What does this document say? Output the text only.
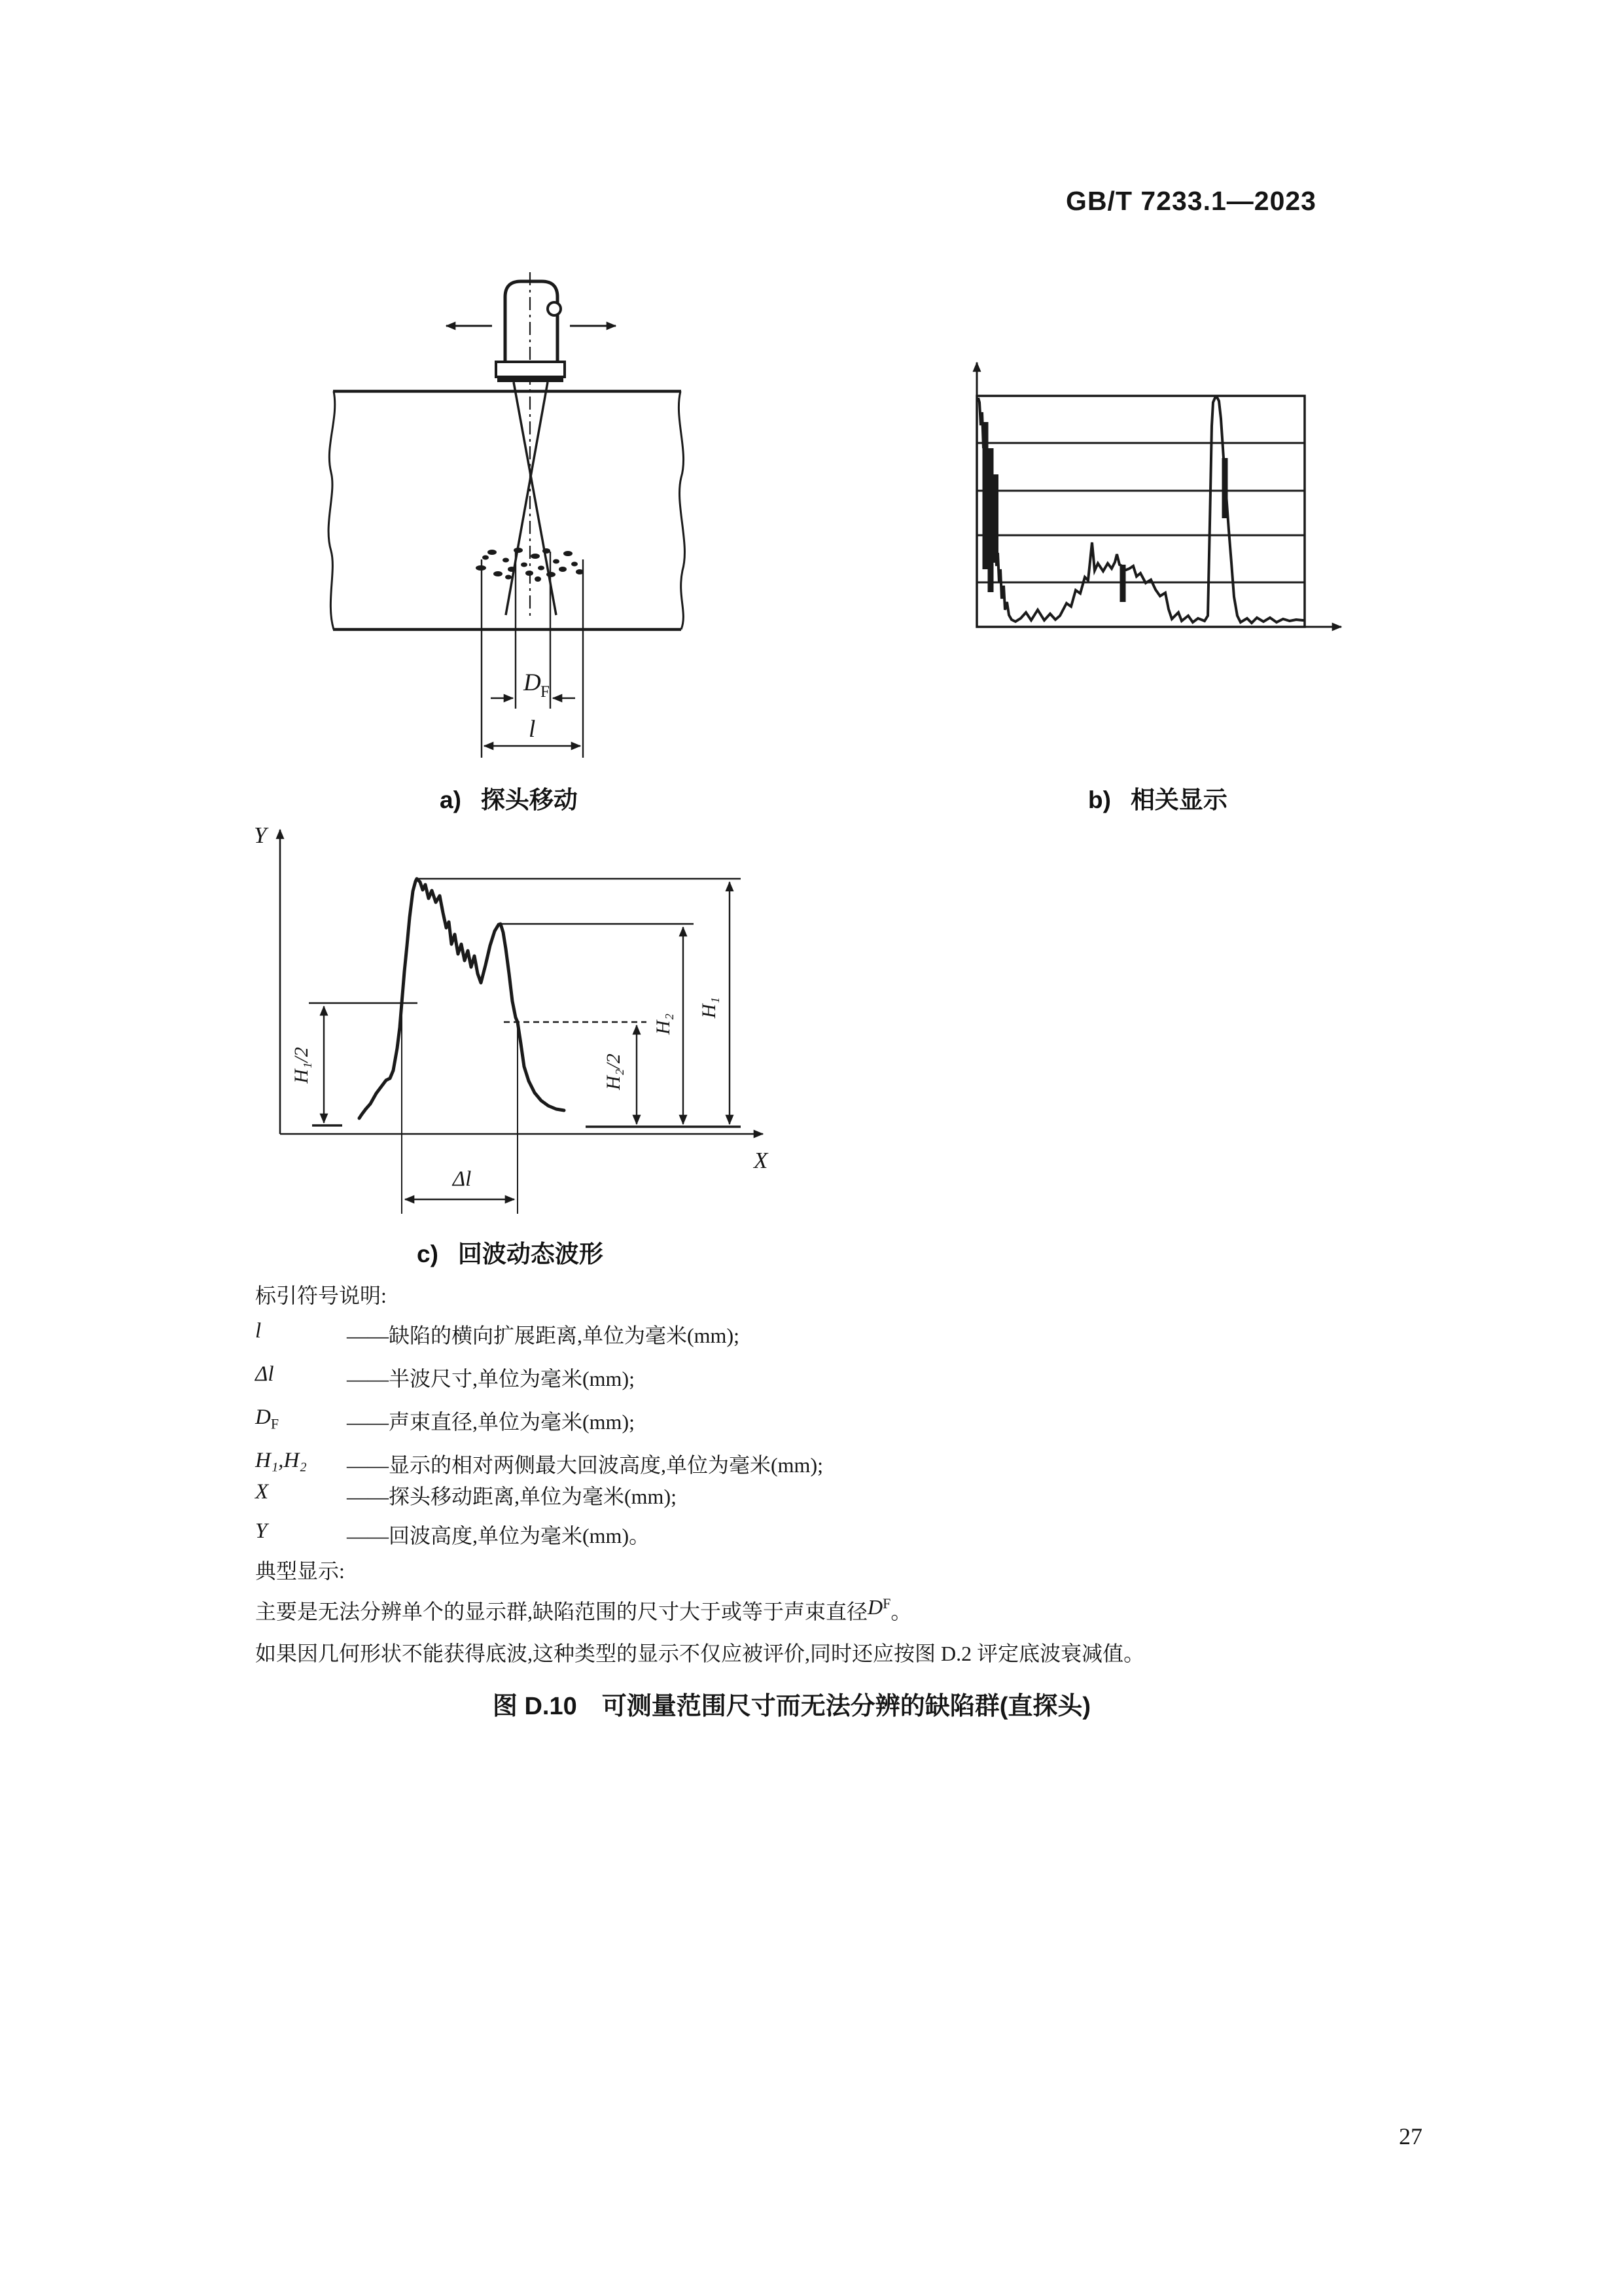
GB/T 7233.1—2023
D F
l
a) 探头移动	b) 相关显示
Y
X
H₁/2	H₂/2
H₂
H₁
Δl
c) 回波动态波形
标引符号说明:
l	——缺陷的横向扩展距离,单位为毫米(mm);
Δl	——半波尺寸,单位为毫米(mm);
$D_F$	——声束直径,单位为毫米(mm);
H₁,H₂	——显示的相对两侧最大回波高度,单位为毫米(mm);
X	——探头移动距离,单位为毫米(mm);
Y	——回波高度,单位为毫米(mm)。
典型显示:
主要是无法分辨单个的显示群,缺陷范围的尺寸大于或等于声束直径 D F 。
如果因几何形状不能获得底波,这种类型的显示不仅应被评价,同时还应按图 D.2 评定底波衰减值。
图 D.10　可测量范围尺寸而无法分辨的缺陷群(直探头)
27
